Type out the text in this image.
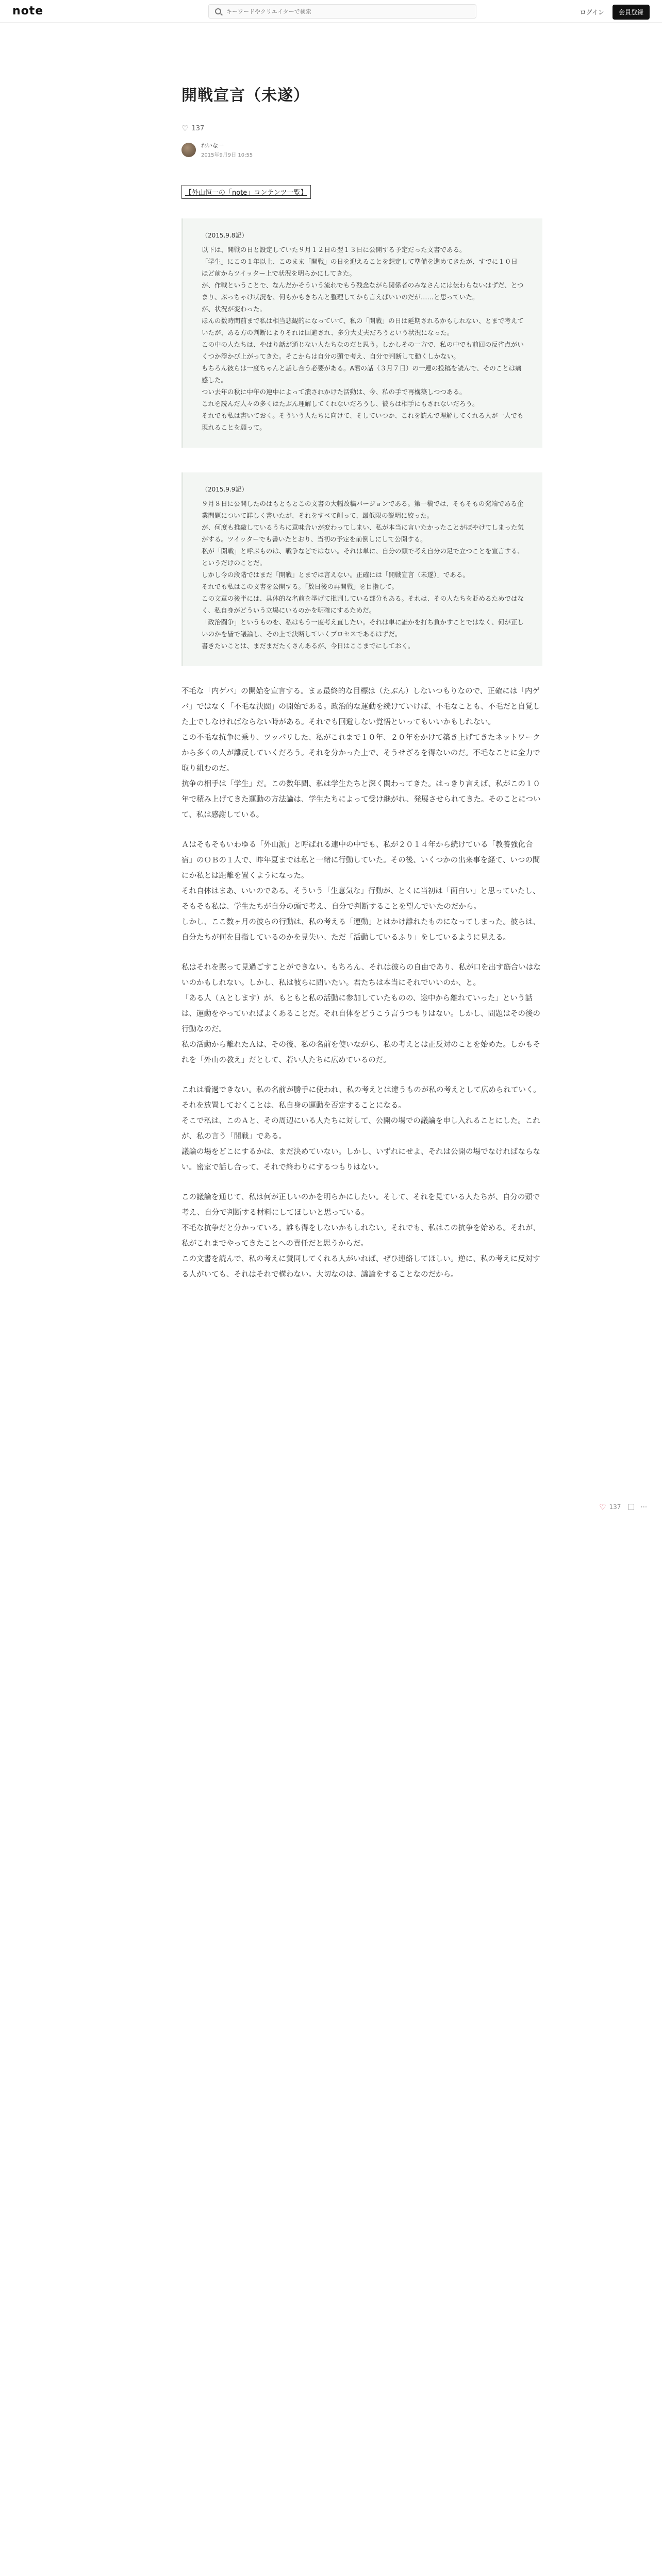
note
キーワードやクリエイターで検索	ログイン	会員登録
開戦宣言（未遂）
♡ 137
れいな一
2015年9月9日 10:55
【外山恒一の「note」コンテンツ一覧】
（2015.9.8記）

以下は、開戦の日と設定していた９月１２日の翌１３日に公開する予定だった文書である。

「学生」にこの１年以上、このまま「開戦」の日を迎えることを想定して準備を進めてきたが、すでに１０日ほど前からツイッター上で状況を明らかにしてきた。

が、作戦ということで、なんだかそういう流れでもう残念ながら関係者のみなさんには伝わらないはずだ、とつまり、ぶっちゃけ状況を、何もかもきちんと整理してから言えばいいのだが……と思っていた。

が、状況が変わった。

ほんの数時間前まで私は相当悲観的になっていて、私の「開戦」の日は延期されるかもしれない、とまで考えていたが、ある方の判断によりそれは回避され、多分大丈夫だろうという状況になった。

この中の人たちは、やはり話が通じない人たちなのだと思う。しかしその一方で、私の中でも前回の反省点がいくつか浮かび上がってきた。そこからは自分の頭で考え、自分で判断して動くしかない。

もちろん彼らは一度ちゃんと話し合う必要がある。A君の話（３月７日）の一連の投稿を読んで、そのことは痛感した。

つい去年の秋に中年の連中によって潰されかけた活動は、今、私の手で再構築しつつある。

これを読んだ人々の多くはたぶん理解してくれないだろうし、彼らは相手にもされないだろう。

それでも私は書いておく。そういう人たちに向けて、そしていつか、これを読んで理解してくれる人が一人でも現れることを願って。

（2015.9.9記）

９月８日に公開したのはもともとこの文書の大幅改稿バージョンである。第一稿では、そもそもの発端である企業問題について詳しく書いたが、それをすべて削って、最低限の説明に絞った。

が、何度も推敲しているうちに意味合いが変わってしまい、私が本当に言いたかったことがぼやけてしまった気がする。ツイッターでも書いたとおり、当初の予定を前倒しにして公開する。

私が「開戦」と呼ぶものは、戦争などではない。それは単に、自分の頭で考え自分の足で立つことを宣言する、というだけのことだ。

しかし今の段階ではまだ「開戦」とまでは言えない。正確には「開戦宣言（未遂）」である。

それでも私はこの文書を公開する。「数日後の再開戦」を目指して。

この文章の後半には、具体的な名前を挙げて批判している部分もある。それは、その人たちを貶めるためではなく、私自身がどういう立場にいるのかを明確にするためだ。

「政治闘争」というものを、私はもう一度考え直したい。それは単に誰かを打ち負かすことではなく、何が正しいのかを皆で議論し、その上で決断していくプロセスであるはずだ。

書きたいことは、まだまだたくさんあるが、今日はここまでにしておく。

不毛な「内ゲバ」の開始を宣言する。まぁ最終的な目標は（たぶん）しないつもりなので、正確には「内ゲバ」ではなく「不毛な決闘」の開始である。政治的な運動を続けていけば、不毛なことも、不毛だと自覚した上でしなければならない時がある。それでも回避しない覚悟といってもいいかもしれない。

この不毛な抗争に乗り、ツッパリした、私がこれまで１０年、２０年をかけて築き上げてきたネットワークから多くの人が離反していくだろう。それを分かった上で、そうせざるを得ないのだ。不毛なことに全力で取り組むのだ。

抗争の相手は「学生」だ。この数年間、私は学生たちと深く関わってきた。はっきり言えば、私がこの１０年で積み上げてきた運動の方法論は、学生たちによって受け継がれ、発展させられてきた。そのことについて、私は感謝している。

Ａはそもそもいわゆる「外山派」と呼ばれる連中の中でも、私が２０１４年から続けている「教養強化合宿」のＯＢの１人で、昨年夏までは私と一緒に行動していた。その後、いくつかの出来事を経て、いつの間にか私とは距離を置くようになった。

それ自体はまあ、いいのである。そういう「生意気な」行動が、とくに当初は「面白い」と思っていたし、そもそも私は、学生たちが自分の頭で考え、自分で判断することを望んでいたのだから。

しかし、ここ数ヶ月の彼らの行動は、私の考える「運動」とはかけ離れたものになってしまった。彼らは、自分たちが何を目指しているのかを見失い、ただ「活動しているふり」をしているように見える。

私はそれを黙って見過ごすことができない。もちろん、それは彼らの自由であり、私が口を出す筋合いはないのかもしれない。しかし、私は彼らに問いたい。君たちは本当にそれでいいのか、と。

「ある人（Ａとします）が、もともと私の活動に参加していたものの、途中から離れていった」という話は、運動をやっていればよくあることだ。それ自体をどうこう言うつもりはない。しかし、問題はその後の行動なのだ。

私の活動から離れたＡは、その後、私の名前を使いながら、私の考えとは正反対のことを始めた。しかもそれを「外山の教え」だとして、若い人たちに広めているのだ。

これは看過できない。私の名前が勝手に使われ、私の考えとは違うものが私の考えとして広められていく。それを放置しておくことは、私自身の運動を否定することになる。

そこで私は、このＡと、その周辺にいる人たちに対して、公開の場での議論を申し入れることにした。これが、私の言う「開戦」である。

議論の場をどこにするかは、まだ決めていない。しかし、いずれにせよ、それは公開の場でなければならない。密室で話し合って、それで終わりにするつもりはない。

この議論を通じて、私は何が正しいのかを明らかにしたい。そして、それを見ている人たちが、自分の頭で考え、自分で判断する材料にしてほしいと思っている。

不毛な抗争だと分かっている。誰も得をしないかもしれない。それでも、私はこの抗争を始める。それが、私がこれまでやってきたことへの責任だと思うからだ。

この文書を読んで、私の考えに賛同してくれる人がいれば、ぜひ連絡してほしい。逆に、私の考えに反対する人がいても、それはそれで構わない。大切なのは、議論をすることなのだから。

♡ 137	⋯
